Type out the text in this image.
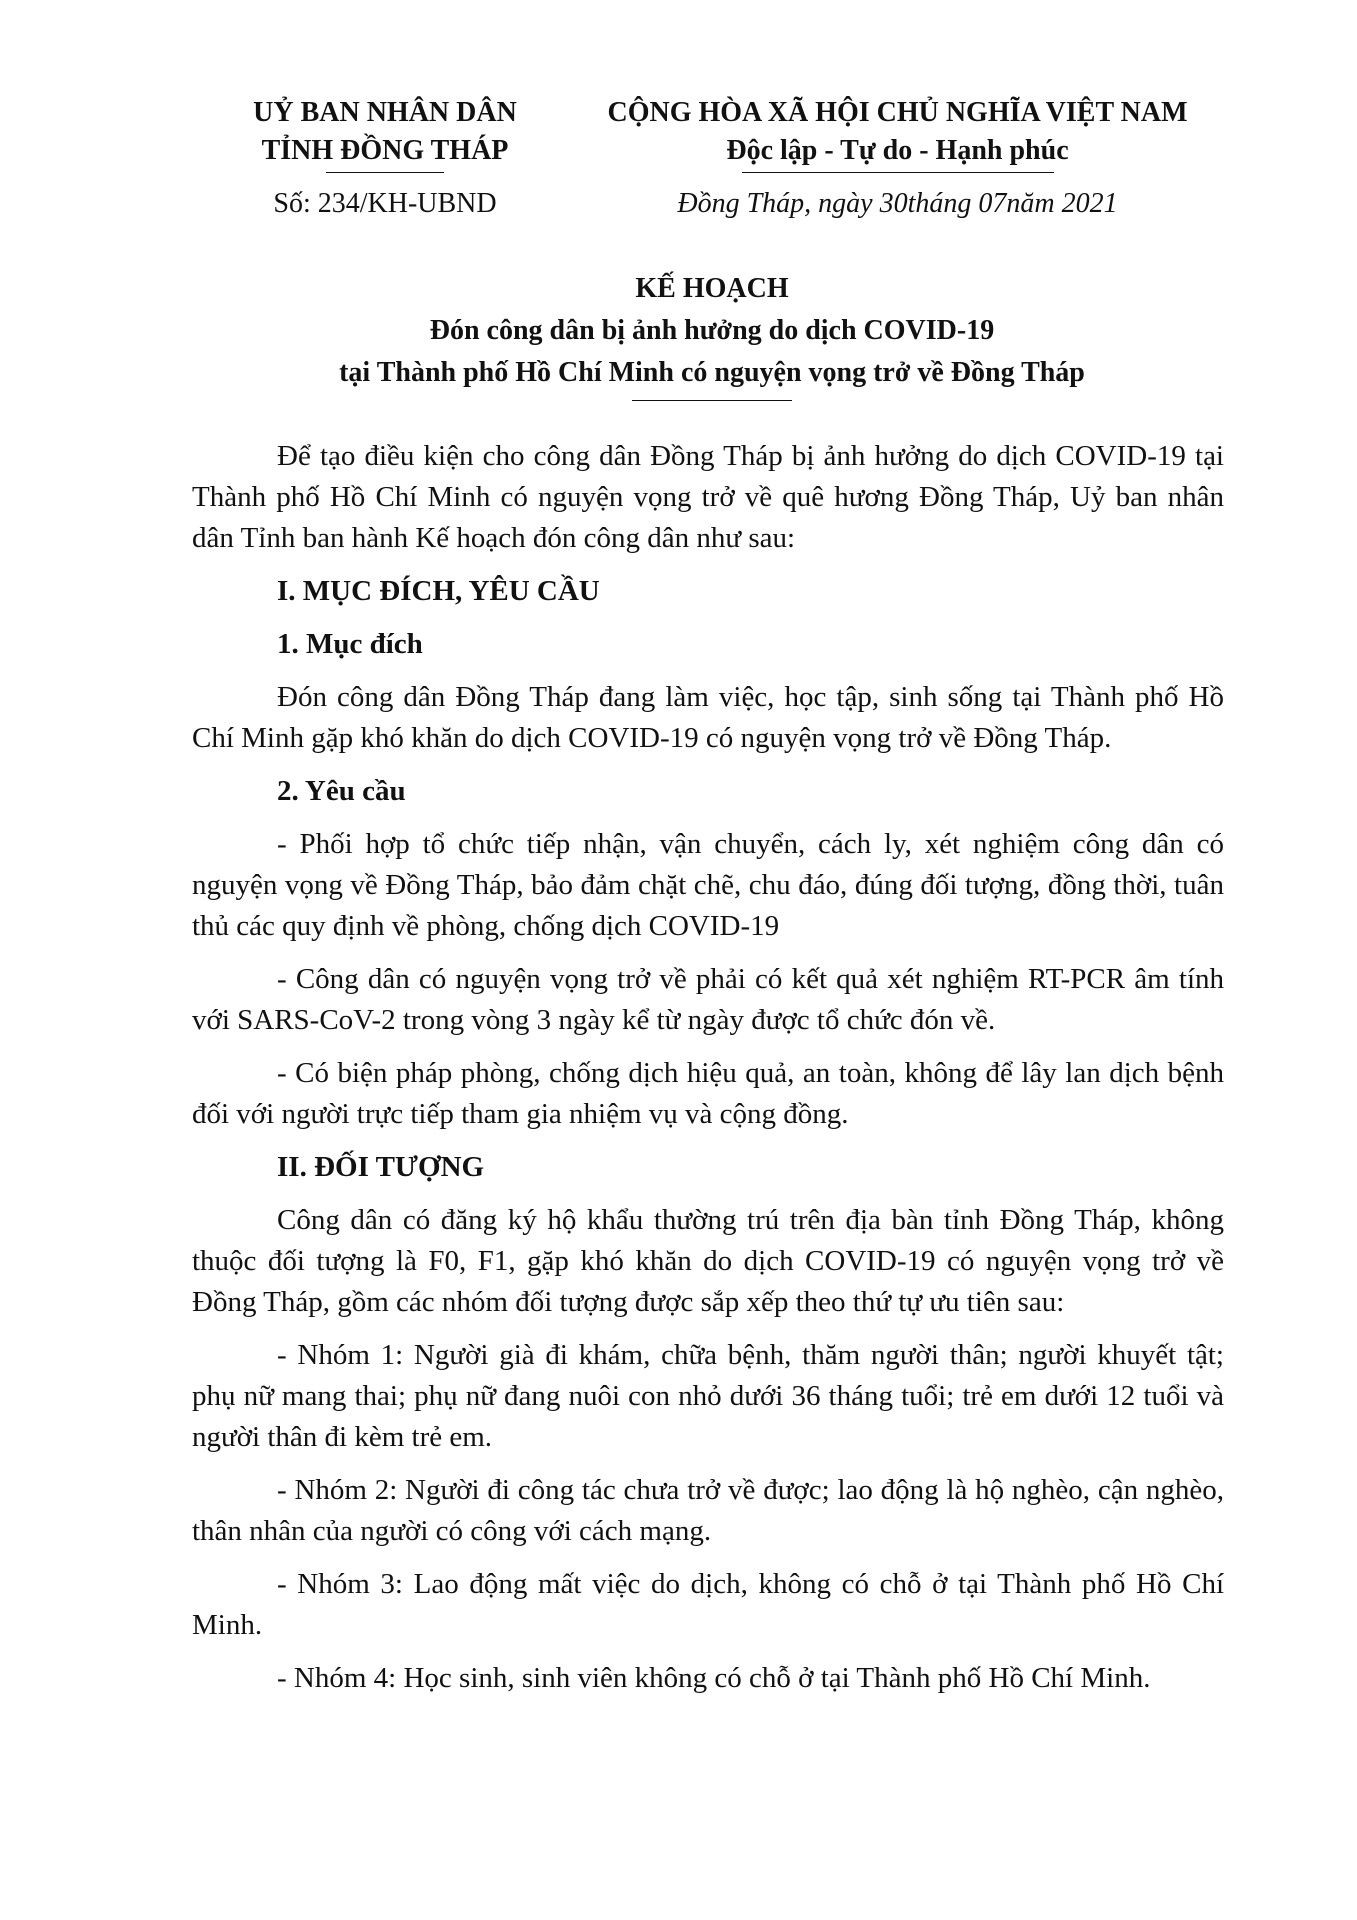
UỶ BAN NHÂN DÂN
TỈNH ĐỒNG THÁP
Số: 234/KH-UBND
CỘNG HÒA XÃ HỘI CHỦ NGHĨA VIỆT NAM
Độc lập - Tự do - Hạnh phúc
Đồng Tháp, ngày 30tháng 07năm 2021
KẾ HOẠCH
Đón công dân bị ảnh hưởng do dịch COVID-19
tại Thành phố Hồ Chí Minh có nguyện vọng trở về Đồng Tháp

Để tạo điều kiện cho công dân Đồng Tháp bị ảnh hưởng do dịch COVID-19 tại Thành phố Hồ Chí Minh có nguyện vọng trở về quê hương Đồng Tháp, Uỷ ban nhân dân Tỉnh ban hành Kế hoạch đón công dân như sau:

I. MỤC ĐÍCH, YÊU CẦU

1. Mục đích

Đón công dân Đồng Tháp đang làm việc, học tập, sinh sống tại Thành phố Hồ Chí Minh gặp khó khăn do dịch COVID-19 có nguyện vọng trở về Đồng Tháp.

2. Yêu cầu

- Phối hợp tổ chức tiếp nhận, vận chuyển, cách ly, xét nghiệm công dân có nguyện vọng về Đồng Tháp, bảo đảm chặt chẽ, chu đáo, đúng đối tượng, đồng thời, tuân thủ các quy định về phòng, chống dịch COVID-19

- Công dân có nguyện vọng trở về phải có kết quả xét nghiệm RT-PCR âm tính với SARS-CoV-2 trong vòng 3 ngày kể từ ngày được tổ chức đón về.

- Có biện pháp phòng, chống dịch hiệu quả, an toàn, không để lây lan dịch bệnh đối với người trực tiếp tham gia nhiệm vụ và cộng đồng.

II. ĐỐI TƯỢNG

Công dân có đăng ký hộ khẩu thường trú trên địa bàn tỉnh Đồng Tháp, không thuộc đối tượng là F0, F1, gặp khó khăn do dịch COVID-19 có nguyện vọng trở về Đồng Tháp, gồm các nhóm đối tượng được sắp xếp theo thứ tự ưu tiên sau:

- Nhóm 1: Người già đi khám, chữa bệnh, thăm người thân; người khuyết tật; phụ nữ mang thai; phụ nữ đang nuôi con nhỏ dưới 36 tháng tuổi; trẻ em dưới 12 tuổi và người thân đi kèm trẻ em.

- Nhóm 2: Người đi công tác chưa trở về được; lao động là hộ nghèo, cận nghèo, thân nhân của người có công với cách mạng.

- Nhóm 3: Lao động mất việc do dịch, không có chỗ ở tại Thành phố Hồ Chí Minh.

- Nhóm 4: Học sinh, sinh viên không có chỗ ở tại Thành phố Hồ Chí Minh.
